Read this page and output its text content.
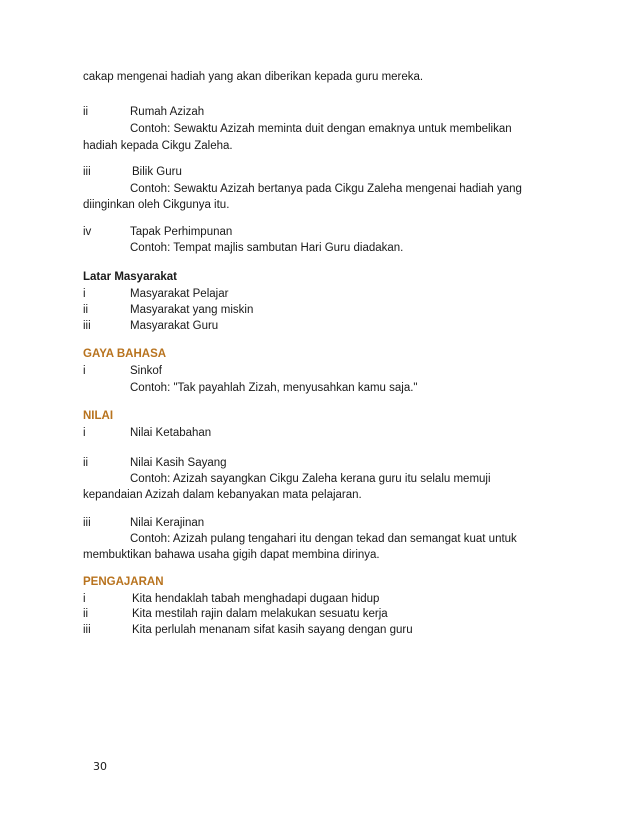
cakap mengenai hadiah yang akan diberikan kepada guru mereka.
ii	Rumah Azizah
Contoh: Sewaktu Azizah meminta duit dengan emaknya untuk membelikan
hadiah kepada Cikgu Zaleha.
iii	Bilik Guru
Contoh: Sewaktu Azizah bertanya pada Cikgu Zaleha mengenai hadiah yang
diinginkan oleh Cikgunya itu.
iv	Tapak Perhimpunan
Contoh: Tempat majlis sambutan Hari Guru diadakan.
Latar Masyarakat
i	Masyarakat Pelajar
ii	Masyarakat yang miskin
iii	Masyarakat Guru
GAYA BAHASA
i	Sinkof
Contoh: "Tak payahlah Zizah, menyusahkan kamu saja."
NILAI
i	Nilai Ketabahan
ii	Nilai Kasih Sayang
Contoh: Azizah sayangkan Cikgu Zaleha kerana guru itu selalu memuji
kepandaian Azizah dalam kebanyakan mata pelajaran.
iii	Nilai Kerajinan
Contoh: Azizah pulang tengahari itu dengan tekad dan semangat kuat untuk
membuktikan bahawa usaha gigih dapat membina dirinya.
PENGAJARAN
i	Kita hendaklah tabah menghadapi dugaan hidup
ii	Kita mestilah rajin dalam melakukan sesuatu kerja
iii	Kita perlulah menanam sifat kasih sayang dengan guru
30
